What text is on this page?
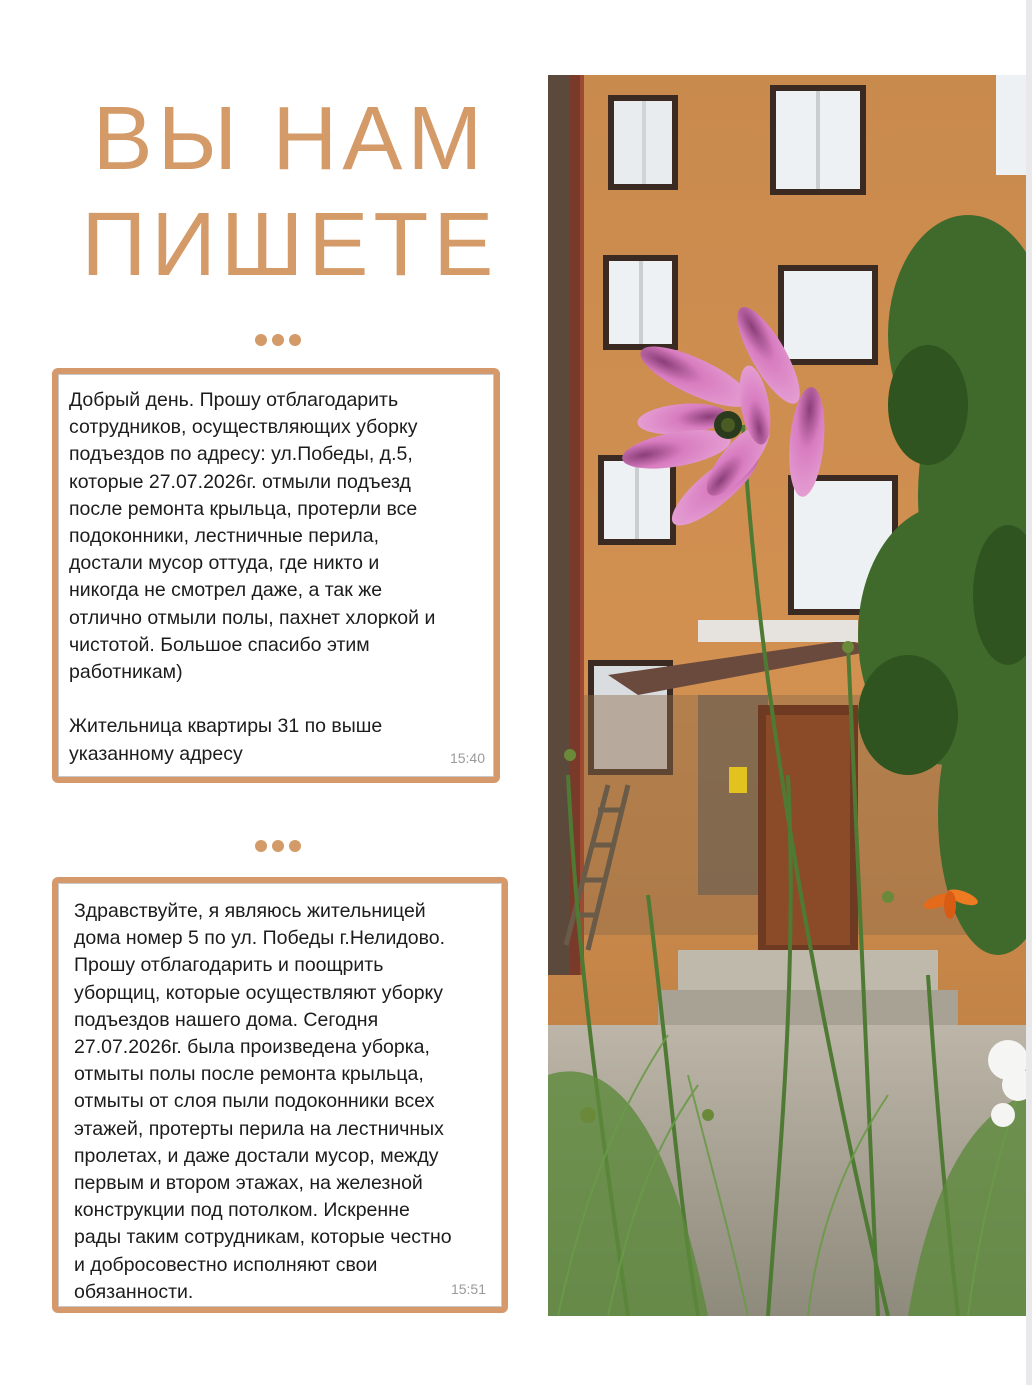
ВЫ НАМ
ПИШЕТЕ

Добрый день. Прошу отблагодарить
сотрудников, осуществляющих уборку
подъездов по адресу: ул.Победы, д.5,
которые 27.07.2026г. отмыли подъезд
после ремонта крыльца, протерли все
подоконники, лестничные перила,
достали мусор оттуда, где никто и
никогда не смотрел даже, а так же
отлично отмыли полы, пахнет хлоркой и
чистотой. Большое спасибо этим
работникам)

Жительница квартиры 31 по выше
указанному адресу	15:40

Здравствуйте, я являюсь жительницей
дома номер 5 по ул. Победы г.Нелидово.
Прошу отблагодарить и поощрить
уборщиц, которые осуществляют уборку
подъездов нашего дома. Сегодня
27.07.2026г. была произведена уборка,
отмыты полы после ремонта крыльца,
отмыты от слоя пыли подоконники всех
этажей, протерты перила на лестничных
пролетах, и даже достали мусор, между
первым и втором этажах, на железной
конструкции под потолком. Искренне
рады таким сотрудникам, которые честно
и добросовестно исполняют свои
обязанности.	15:51
